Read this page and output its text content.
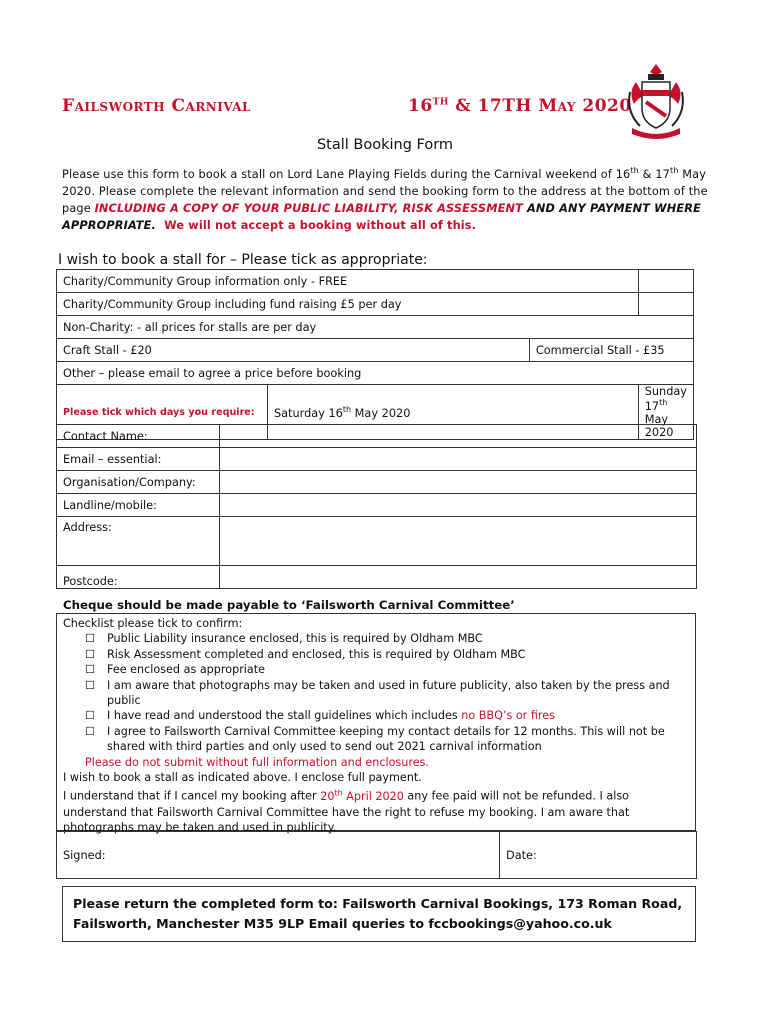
Failsworth Carnival	16TH & 17TH May 2020
Stall Booking Form
Please use this form to book a stall on Lord Lane Playing Fields during the Carnival weekend of 16th & 17th May 2020. Please complete the relevant information and send the booking form to the address at the bottom of the page INCLUDING A COPY OF YOUR PUBLIC LIABILITY, RISK ASSESSMENT AND ANY PAYMENT WHERE APPROPRIATE.  We will not accept a booking without all of this.
I wish to book a stall for – Please tick as appropriate:
Charity/Community Group information only - FREE			
Charity/Community Group including fund raising £5 per day			
Non-Charity: - all prices for stalls are per day			
Craft Stall - £20		Commercial Stall - £35	
Other – please email to agree a price before booking			
Please tick which days you require:	Saturday 16th May 2020		Sunday 17th May 2020
Contact Name:	
Email – essential:	
Organisation/Company:	
Landline/mobile:	
Address:	
Postcode:	
Cheque should be made payable to ‘Failsworth Carnival Committee’
Checklist please tick to confirm:
☐ Public Liability insurance enclosed, this is required by Oldham MBC
☐ Risk Assessment completed and enclosed, this is required by Oldham MBC
☐ Fee enclosed as appropriate
☐ I am aware that photographs may be taken and used in future publicity, also taken by the press and public
☐ I have read and understood the stall guidelines which includes no BBQ’s or fires
☐ I agree to Failsworth Carnival Committee keeping my contact details for 12 months. This will not be shared with third parties and only used to send out 2021 carnival information
Please do not submit without full information and enclosures.
I wish to book a stall as indicated above. I enclose full payment.
I understand that if I cancel my booking after 20th April 2020 any fee paid will not be refunded. I also understand that Failsworth Carnival Committee have the right to refuse my booking. I am aware that photographs may be taken and used in publicity.
Signed:	Date:
Please return the completed form to: Failsworth Carnival Bookings, 173 Roman Road,
Failsworth, Manchester M35 9LP Email queries to fccbookings@yahoo.co.uk
